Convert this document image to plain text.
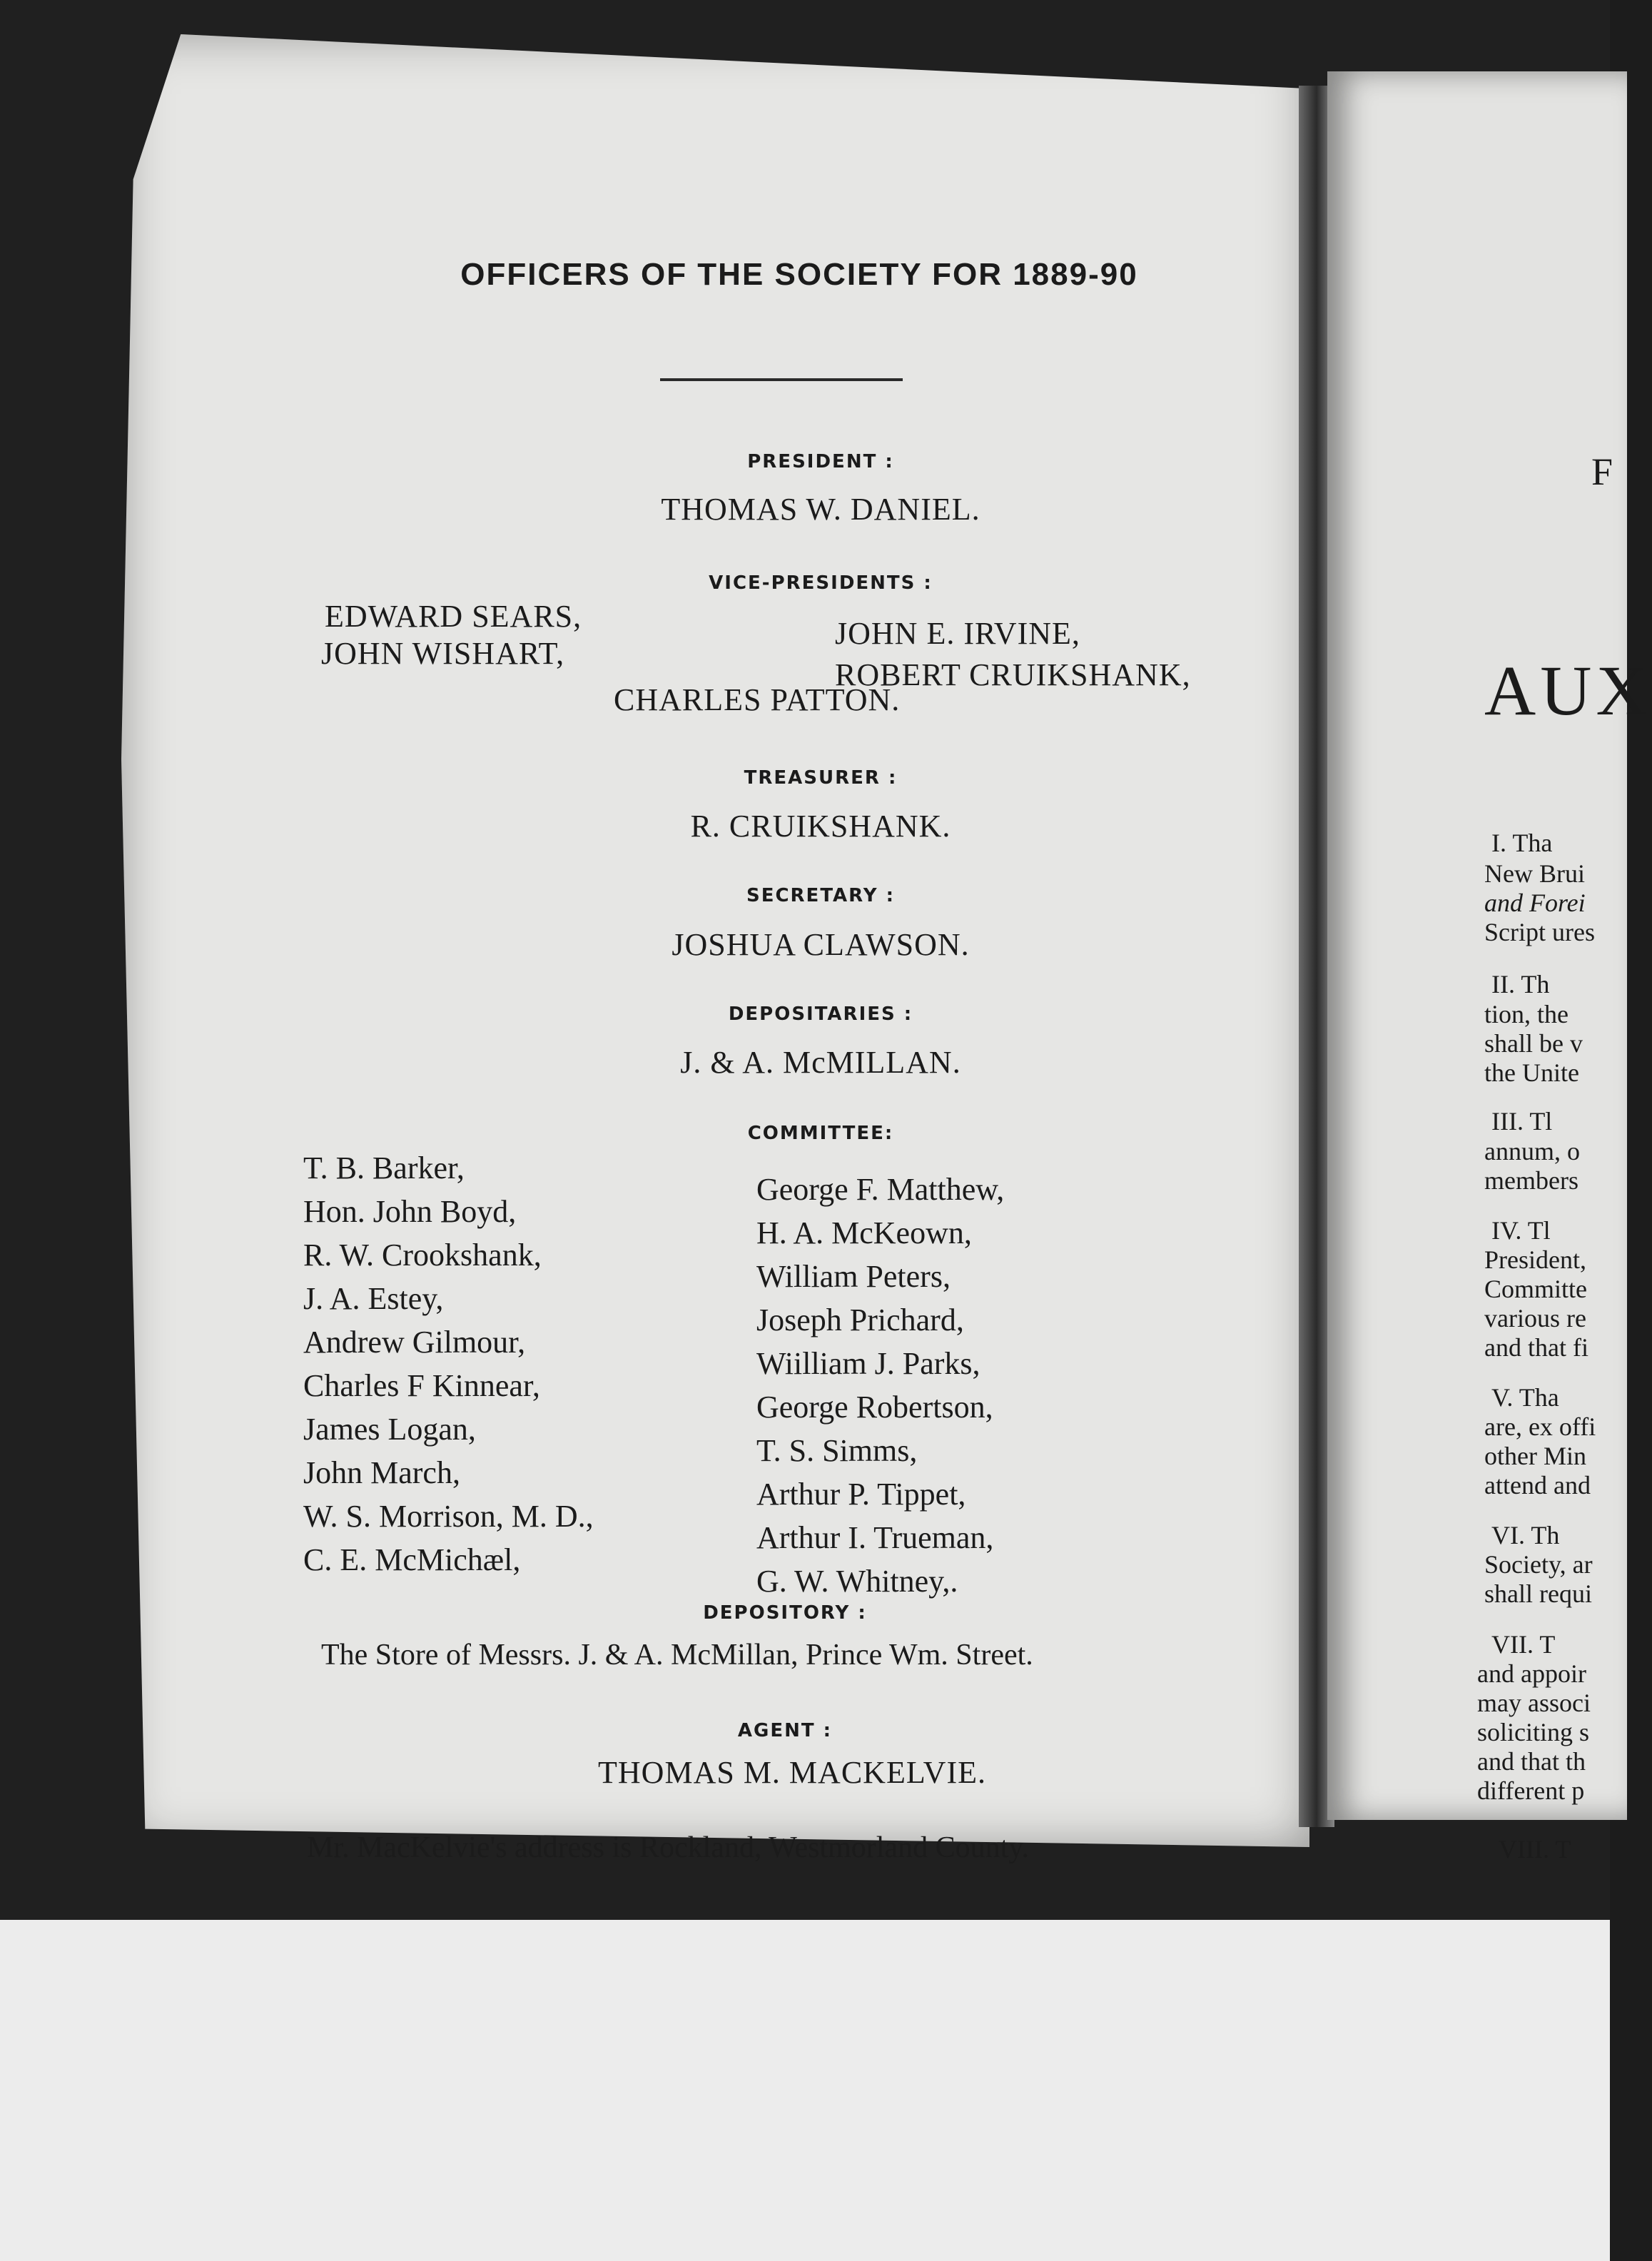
OFFICERS OF THE SOCIETY FOR 1889-90
PRESIDENT :
THOMAS W. DANIEL.
VICE-PRESIDENTS :
EDWARD SEARS,
JOHN WISHART,
JOHN E. IRVINE,
ROBERT CRUIKSHANK,
CHARLES PATTON.
TREASURER :
R. CRUIKSHANK.
SECRETARY :
JOSHUA CLAWSON.
DEPOSITARIES :
J. & A. McMILLAN.
COMMITTEE:
T. B. Barker,
Hon. John Boyd,
R. W. Crookshank,
J. A. Estey,
Andrew Gilmour,
Charles F Kinnear,
James Logan,
John March,
W. S. Morrison, M. D.,
C. E. McMichæl,
George F. Matthew,
H. A. McKeown,
William Peters,
Joseph Prichard,
Wiilliam J. Parks,
George Robertson,
T. S. Simms,
Arthur P. Tippet,
Arthur I. Trueman,
G. W. Whitney,.
DEPOSITORY :
The Store of Messrs. J. & A. McMillan, Prince Wm. Street.
AGENT :
THOMAS M. MACKELVIE.
Mr. MacKelvie's address is Rockland, Westmorland County.
F
AUX
I. Tha
New Brui
and Forei
Script ures
II. Th
tion, the
shall be v
the Unite
III. Tl
annum, o
members
IV. Tl
President,
Committe
various re
and that fi
V. Tha
are, ex offi
other Min
attend and
VI. Th
Society, ar
shall requi
VII. T
and appoir
may associ
soliciting s
and that th
different p
VIII. T
